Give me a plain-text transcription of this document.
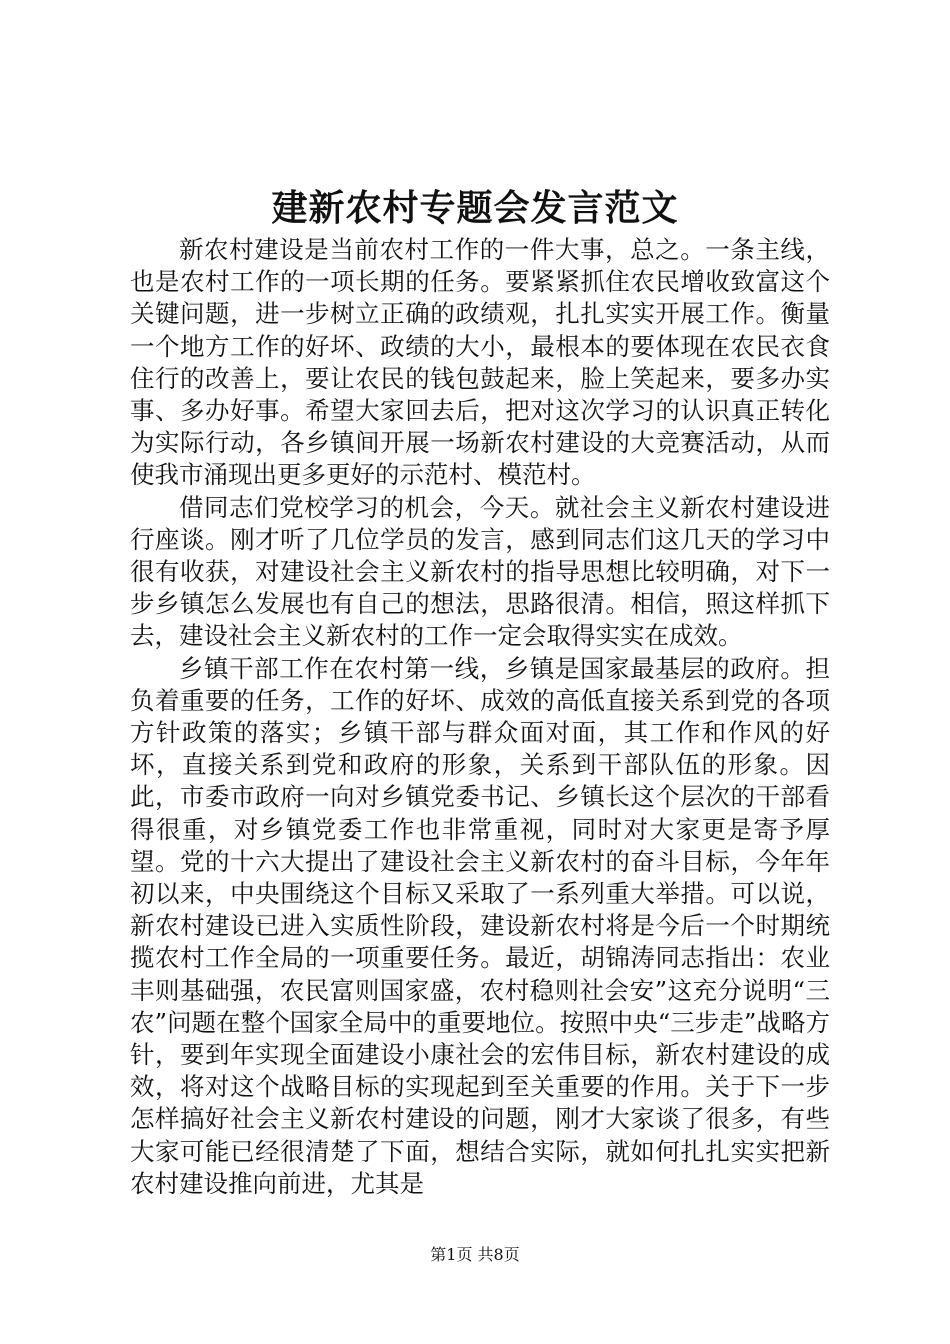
建新农村专题会发言范文

新农村建设是当前农村工作的一件大事，总之。一条主线，也是农村工作的一项长期的任务。要紧紧抓住农民增收致富这个关键问题，进一步树立正确的政绩观，扎扎实实开展工作。衡量一个地方工作的好坏、政绩的大小，最根本的要体现在农民衣食住行的改善上，要让农民的钱包鼓起来，脸上笑起来，要多办实事、多办好事。希望大家回去后，把对这次学习的认识真正转化为实际行动，各乡镇间开展一场新农村建设的大竞赛活动，从而使我市涌现出更多更好的示范村、模范村。

借同志们党校学习的机会，今天。就社会主义新农村建设进行座谈。刚才听了几位学员的发言，感到同志们这几天的学习中很有收获，对建设社会主义新农村的指导思想比较明确，对下一步乡镇怎么发展也有自己的想法，思路很清。相信，照这样抓下去，建设社会主义新农村的工作一定会取得实实在成效。

乡镇干部工作在农村第一线，乡镇是国家最基层的政府。担负着重要的任务，工作的好坏、成效的高低直接关系到党的各项方针政策的落实；乡镇干部与群众面对面，其工作和作风的好坏，直接关系到党和政府的形象，关系到干部队伍的形象。因此，市委市政府一向对乡镇党委书记、乡镇长这个层次的干部看得很重，对乡镇党委工作也非常重视，同时对大家更是寄予厚望。党的十六大提出了建设社会主义新农村的奋斗目标，今年年初以来，中央围绕这个目标又采取了一系列重大举措。可以说，新农村建设已进入实质性阶段，建设新农村将是今后一个时期统揽农村工作全局的一项重要任务。最近，胡锦涛同志指出：农业丰则基础强，农民富则国家盛，农村稳则社会安”这充分说明“三农”问题在整个国家全局中的重要地位。按照中央“三步走”战略方针，要到年实现全面建设小康社会的宏伟目标，新农村建设的成效，将对这个战略目标的实现起到至关重要的作用。关于下一步怎样搞好社会主义新农村建设的问题，刚才大家谈了很多，有些大家可能已经很清楚了下面，想结合实际，就如何扎扎实实把新农村建设推向前进，尤其是

第1页 共8页
